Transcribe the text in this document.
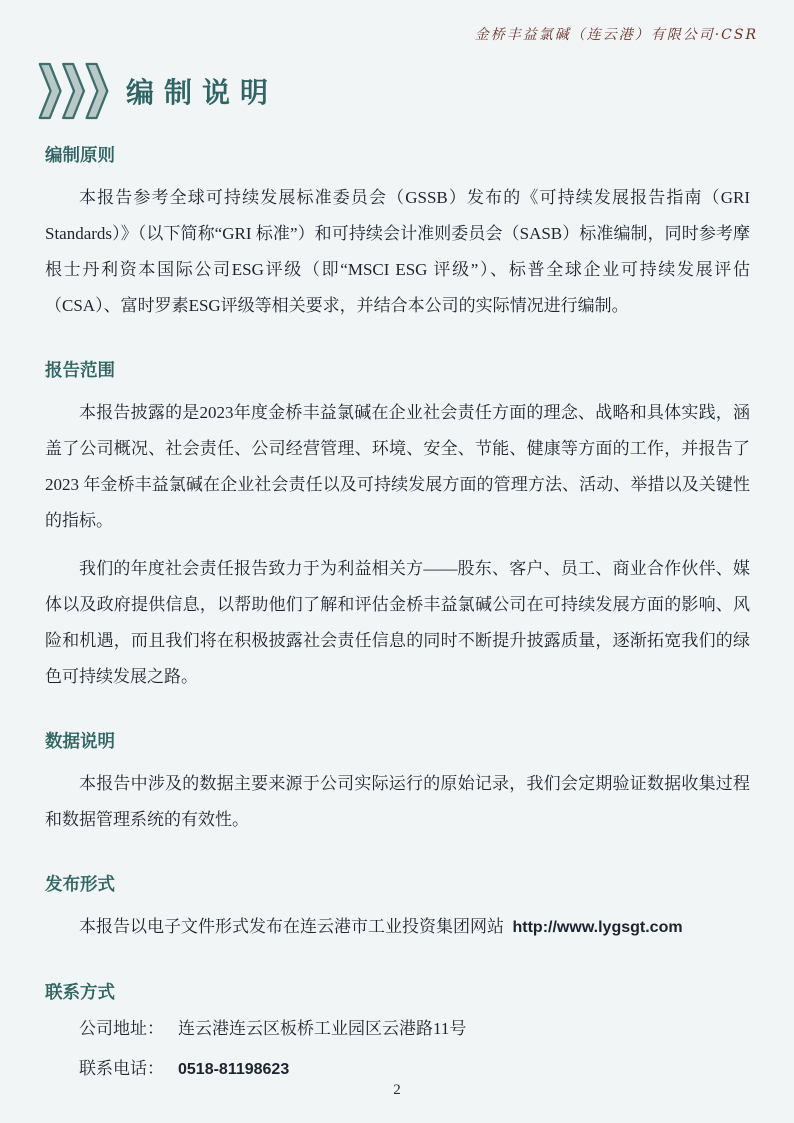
金桥丰益氯碱（连云港）有限公司·CSR
编制说明
编制原则

本报告参考全球可持续发展标准委员会（GSSB）发布的《可持续发展报告指南（GRI Standards）》（以下简称“GRI 标准”）和可持续会计准则委员会（SASB）标准编制，同时参考摩根士丹利资本国际公司ESG评级（即“MSCI ESG 评级”）、标普全球企业可持续发展评估（CSA）、富时罗素ESG评级等相关要求，并结合本公司的实际情况进行编制。

报告范围

本报告披露的是2023年度金桥丰益氯碱在企业社会责任方面的理念、战略和具体实践，涵盖了公司概况、社会责任、公司经营管理、环境、安全、节能、健康等方面的工作，并报告了2023 年金桥丰益氯碱在企业社会责任以及可持续发展方面的管理方法、活动、举措以及关键性的指标。

我们的年度社会责任报告致力于为利益相关方——股东、客户、员工、商业合作伙伴、媒体以及政府提供信息，以帮助他们了解和评估金桥丰益氯碱公司在可持续发展方面的影响、风险和机遇，而且我们将在积极披露社会责任信息的同时不断提升披露质量，逐渐拓宽我们的绿色可持续发展之路。

数据说明

本报告中涉及的数据主要来源于公司实际运行的原始记录，我们会定期验证数据收集过程和数据管理系统的有效性。

发布形式

本报告以电子文件形式发布在连云港市工业投资集团网站 http://www.lygsgt.com

联系方式

公司地址： 连云港连云区板桥工业园区云港路11号

联系电话： 0518-81198623

2
